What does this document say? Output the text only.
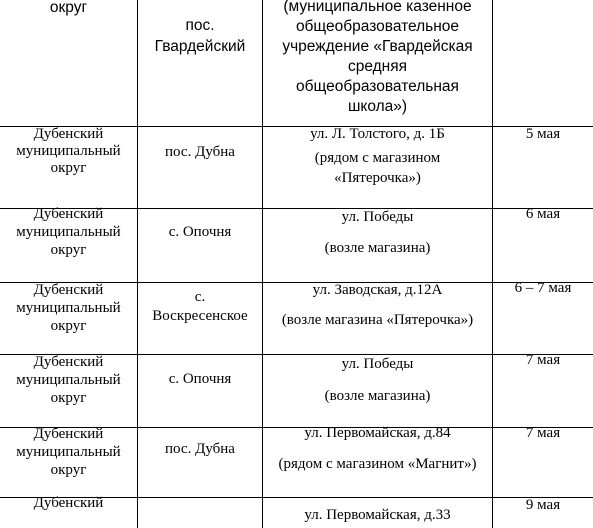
округ
пос.
Гвардейский
(муниципальное казенное
общеобразовательное
учреждение «Гвардейская
средняя
общеобразовательная
школа»)
Дубенский
муниципальный
округ
пос. Дубна
ул. Л. Толстого, д. 1Б
(рядом с магазином
«Пятерочка»)
5 мая
Дубенский
муниципальный
округ
с. Опочня
ул. Победы
(возле магазина)
6 мая
Дубенский
муниципальный
округ
с.
Воскресенское
ул. Заводская, д.12А
(возле магазина «Пятерочка»)
6 – 7 мая
Дубенский
муниципальный
округ
с. Опочня
ул. Победы
(возле магазина)
7 мая
Дубенский
муниципальный
округ
пос. Дубна
ул. Первомайская, д.84
(рядом с магазином «Магнит»)
7 мая
Дубенский
ул. Первомайская, д.33
9 мая
